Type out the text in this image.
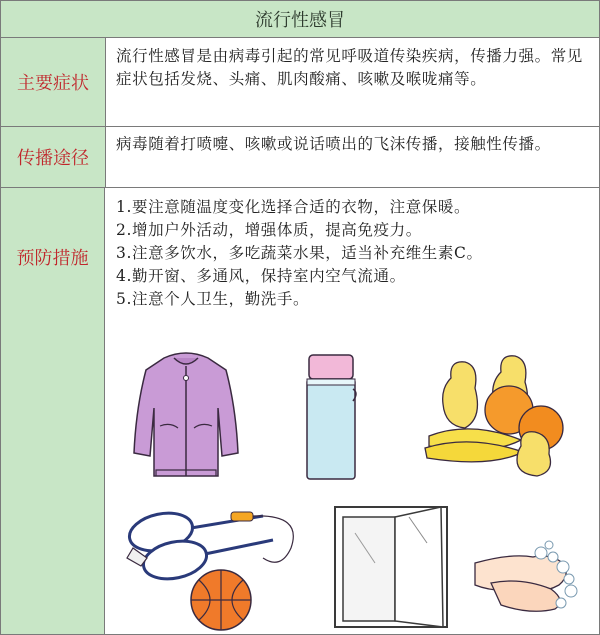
流行性感冒
主要症状
流行性感冒是由病毒引起的常见呼吸道传染疾病，传播力强。常见症状包括发烧、头痛、肌肉酸痛、咳嗽及喉咙痛等。
传播途径
病毒随着打喷嚏、咳嗽或说话喷出的飞沫传播，接触性传播。
预防措施
1.要注意随温度变化选择合适的衣物，注意保暖。
2.增加户外活动，增强体质，提高免疫力。
3.注意多饮水，多吃蔬菜水果，适当补充维生素C。
4.勤开窗、多通风，保持室内空气流通。
5.注意个人卫生，勤洗手。
